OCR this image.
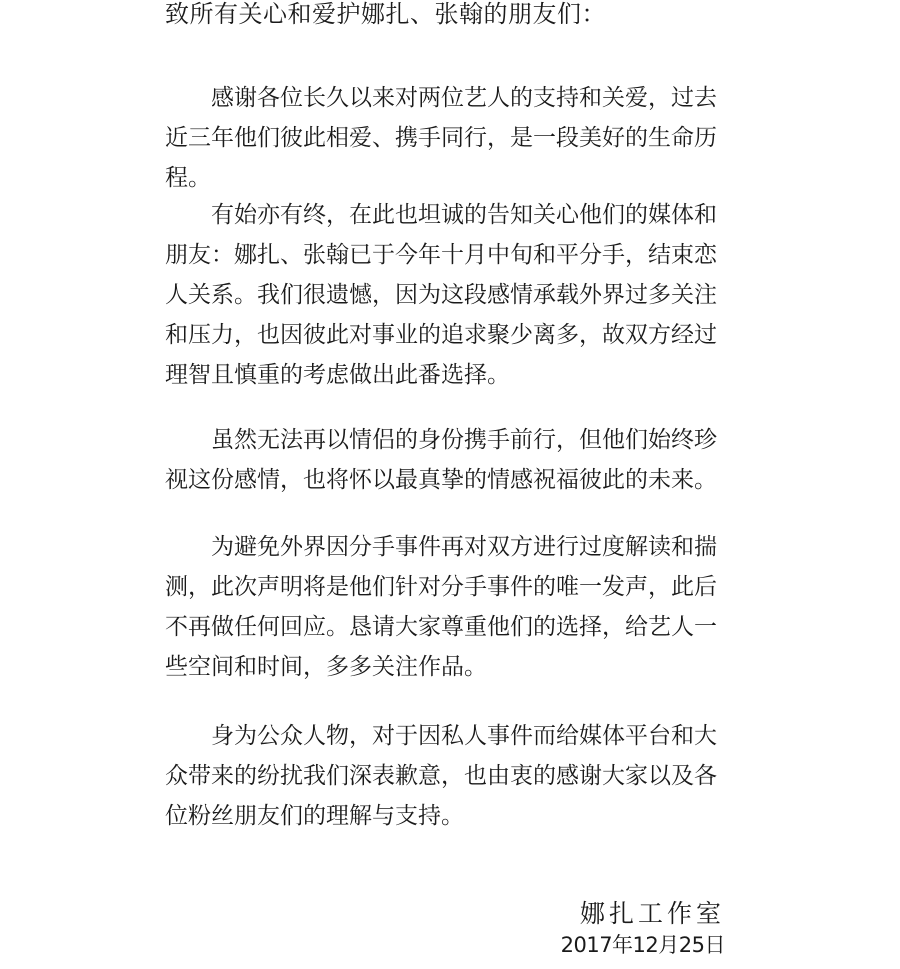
致所有关心和爱护娜扎、张翰的朋友们：

感谢各位长久以来对两位艺人的支持和关爱，过去近三年他们彼此相爱、携手同行，是一段美好的生命历程。

有始亦有终，在此也坦诚的告知关心他们的媒体和朋友：娜扎、张翰已于今年十月中旬和平分手，结束恋人关系。我们很遗憾，因为这段感情承载外界过多关注和压力，也因彼此对事业的追求聚少离多，故双方经过理智且慎重的考虑做出此番选择。

虽然无法再以情侣的身份携手前行，但他们始终珍视这份感情，也将怀以最真挚的情感祝福彼此的未来。

为避免外界因分手事件再对双方进行过度解读和揣测，此次声明将是他们针对分手事件的唯一发声，此后不再做任何回应。恳请大家尊重他们的选择，给艺人一些空间和时间，多多关注作品。

身为公众人物，对于因私人事件而给媒体平台和大众带来的纷扰我们深表歉意，也由衷的感谢大家以及各位粉丝朋友们的理解与支持。

娜扎工作室
2017年12月25日
